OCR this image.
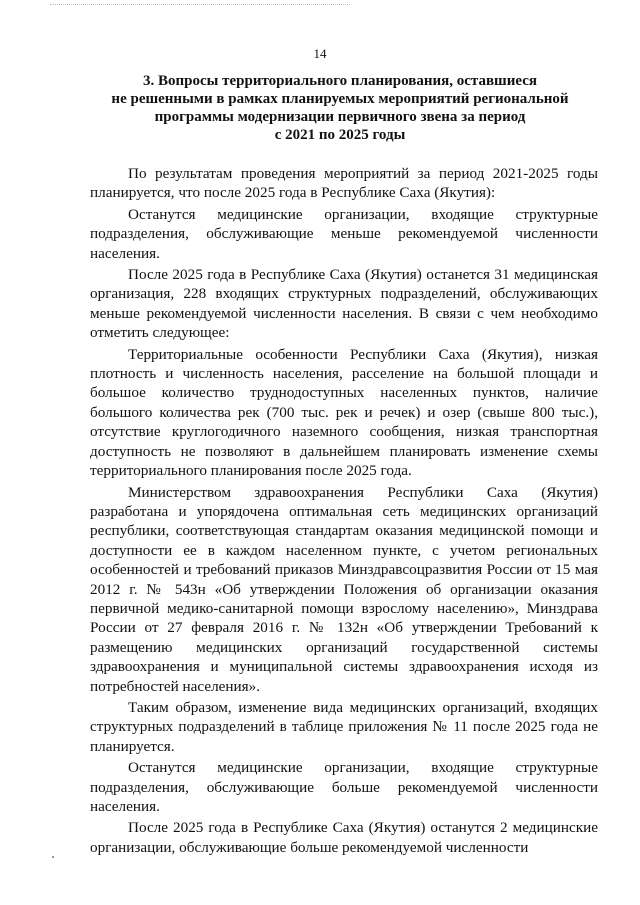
14
3. Вопросы территориального планирования, оставшиеся
не решенными в рамках планируемых мероприятий региональной
программы модернизации первичного звена за период
с 2021 по 2025 годы

По результатам проведения мероприятий за период 2021-2025 годы планируется, что после 2025 года в Республике Саха (Якутия):

Останутся медицинские организации, входящие структурные подразделения, обслуживающие меньше рекомендуемой численности населения.

После 2025 года в Республике Саха (Якутия) останется 31 медицинская организация, 228 входящих структурных подразделений, обслуживающих меньше рекомендуемой численности населения. В связи с чем необходимо отметить следующее:

Территориальные особенности Республики Саха (Якутия), низкая плотность и численность населения, расселение на большой площади и большое количество труднодоступных населенных пунктов, наличие большого количества рек (700 тыс. рек и речек) и озер (свыше 800 тыс.), отсутствие круглогодичного наземного сообщения, низкая транспортная доступность не позволяют в дальнейшем планировать изменение схемы территориального планирования после 2025 года.

Министерством здравоохранения Республики Саха (Якутия) разработана и упорядочена оптимальная сеть медицинских организаций республики, соответствующая стандартам оказания медицинской помощи и доступности ее в каждом населенном пункте, с учетом региональных особенностей и требований приказов Минздравсоцразвития России от 15 мая 2012 г. № 543н «Об утверждении Положения об организации оказания первичной медико-санитарной помощи взрослому населению», Минздрава России от 27 февраля 2016 г. № 132н «Об утверждении Требований к размещению медицинских организаций государственной системы здравоохранения и муниципальной системы здравоохранения исходя из потребностей населения».

Таким образом, изменение вида медицинских организаций, входящих структурных подразделений в таблице приложения № 11 после 2025 года не планируется.

Останутся медицинские организации, входящие структурные подразделения, обслуживающие больше рекомендуемой численности населения.

После 2025 года в Республике Саха (Якутия) останутся 2 медицинские организации, обслуживающие больше рекомендуемой численности
